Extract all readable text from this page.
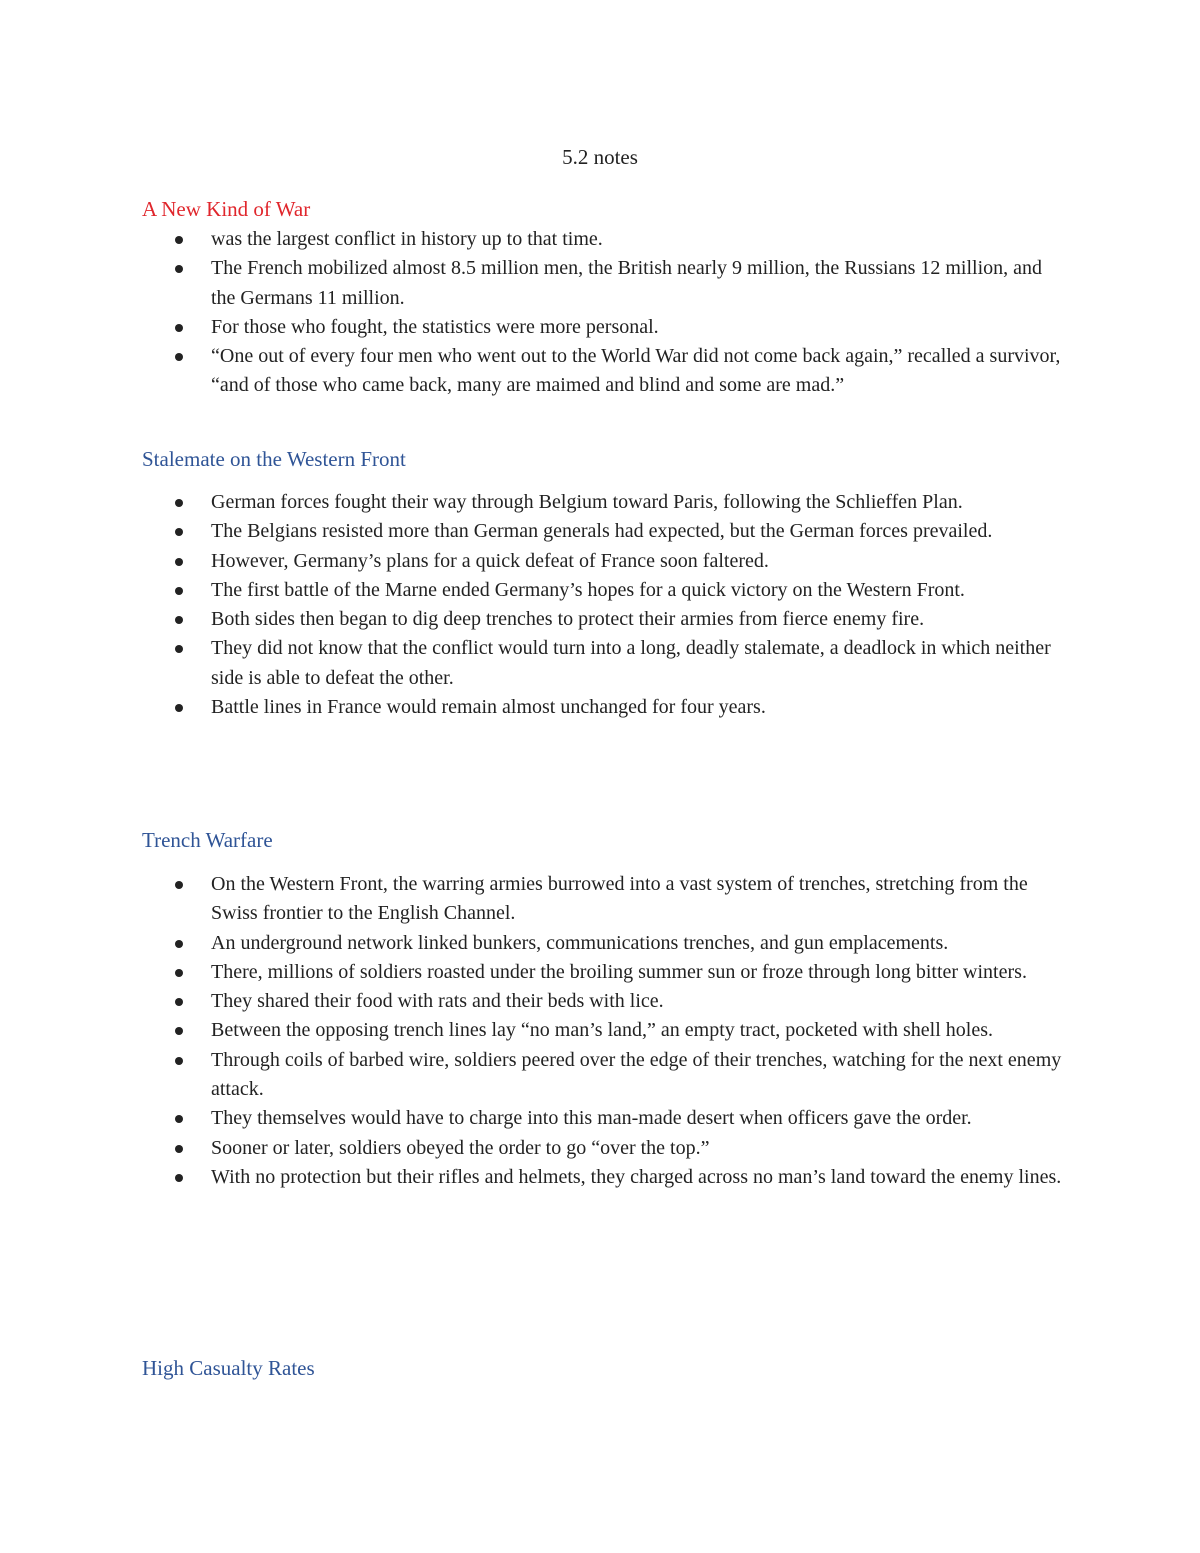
5.2 notes
A New Kind of War
was the largest conflict in history up to that time.
The French mobilized almost 8.5 million men, the British nearly 9 million, the Russians 12 million, and the Germans 11 million.
For those who fought, the statistics were more personal.
“One out of every four men who went out to the World War did not come back again,” recalled a survivor, “and of those who came back, many are maimed and blind and some are mad.”
Stalemate on the Western Front
German forces fought their way through Belgium toward Paris, following the Schlieffen Plan.
The Belgians resisted more than German generals had expected, but the German forces prevailed.
However, Germany’s plans for a quick defeat of France soon faltered.
The first battle of the Marne ended Germany’s hopes for a quick victory on the Western Front.
Both sides then began to dig deep trenches to protect their armies from fierce enemy fire.
They did not know that the conflict would turn into a long, deadly stalemate, a deadlock in which neither side is able to defeat the other.
Battle lines in France would remain almost unchanged for four years.
Trench Warfare
On the Western Front, the warring armies burrowed into a vast system of trenches, stretching from the Swiss frontier to the English Channel.
An underground network linked bunkers, communications trenches, and gun emplacements.
There, millions of soldiers roasted under the broiling summer sun or froze through long bitter winters.
They shared their food with rats and their beds with lice.
Between the opposing trench lines lay “no man’s land,” an empty tract, pocketed with shell holes.
Through coils of barbed wire, soldiers peered over the edge of their trenches, watching for the next enemy attack.
They themselves would have to charge into this man-made desert when officers gave the order.
Sooner or later, soldiers obeyed the order to go “over the top.”
With no protection but their rifles and helmets, they charged across no man’s land toward the enemy lines.
High Casualty Rates
